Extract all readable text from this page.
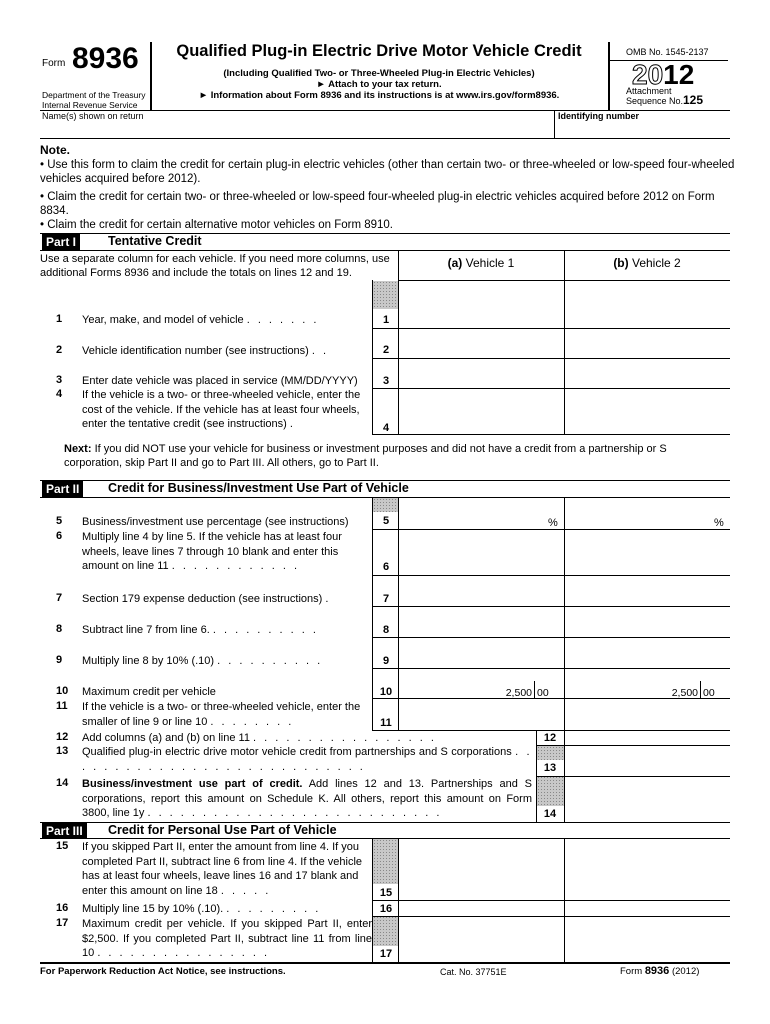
Form 8936
Department of the Treasury
Internal Revenue Service
Qualified Plug-in Electric Drive Motor Vehicle Credit
(Including Qualified Two- or Three-Wheeled Plug-in Electric Vehicles)
► Attach to your tax return.
► Information about Form 8936 and its instructions is at www.irs.gov/form8936.
OMB No. 1545-2137
2012
Attachment
Sequence No. 125
Name(s) shown on return	Identifying number
Note.
• Use this form to claim the credit for certain plug-in electric vehicles (other than certain two- or three-wheeled or low-speed four-wheeled vehicles acquired before 2012).
• Claim the credit for certain two- or three-wheeled or low-speed four-wheeled plug-in electric vehicles acquired before 2012 on Form 8834.
• Claim the credit for certain alternative motor vehicles on Form 8910.
Part I	Tentative Credit
Use a separate column for each vehicle. If you need more columns, use additional Forms 8936 and include the totals on lines 12 and 19.
(a) Vehicle 1	(b) Vehicle 2
1 Year, make, and model of vehicle . . . . . . .	1
2 Vehicle identification number (see instructions) . .	2
3 Enter date vehicle was placed in service (MM/DD/YYYY)	3
4 If the vehicle is a two- or three-wheeled vehicle, enter the cost of the vehicle. If the vehicle has at least four wheels, enter the tentative credit (see instructions) .	4
Next: If you did NOT use your vehicle for business or investment purposes and did not have a credit from a partnership or S corporation, skip Part II and go to Part III. All others, go to Part II.
Part II	Credit for Business/Investment Use Part of Vehicle
5 Business/investment use percentage (see instructions)	5	%	%
6 Multiply line 4 by line 5. If the vehicle has at least four wheels, leave lines 7 through 10 blank and enter this amount on line 11 . . . . . . . . . . . .	6
7 Section 179 expense deduction (see instructions) .	7
8 Subtract line 7 from line 6. . . . . . . . . . .	8
9 Multiply line 8 by 10% (.10) . . . . . . . . . .	9
10 Maximum credit per vehicle	10	2,500 00	2,500 00
11 If the vehicle is a two- or three-wheeled vehicle, enter the smaller of line 9 or line 10 . . . . . . . .	11
12 Add columns (a) and (b) on line 11 . . . . . . . . . . . . . . . . .	12
13 Qualified plug-in electric drive motor vehicle credit from partnerships and S corporations . . . . . . . . . . . . . . . . . . . . . . . . . . . .	13
14 Business/investment use part of credit. Add lines 12 and 13. Partnerships and S corporations, report this amount on Schedule K. All others, report this amount on Form 3800, line 1y . . . . . . . . . . . . . . . . . . . . . . . . . . .	14
Part III	Credit for Personal Use Part of Vehicle
15 If you skipped Part II, enter the amount from line 4. If you completed Part II, subtract line 6 from line 4. If the vehicle has at least four wheels, leave lines 16 and 17 blank and enter this amount on line 18 . . . . .	15
16 Multiply line 15 by 10% (.10). . . . . . . . . .	16
17 Maximum credit per vehicle. If you skipped Part II, enter $2,500. If you completed Part II, subtract line 11 from line 10 . . . . . . . . . . . . . . . .	17
For Paperwork Reduction Act Notice, see instructions.	Cat. No. 37751E	Form 8936 (2012)
